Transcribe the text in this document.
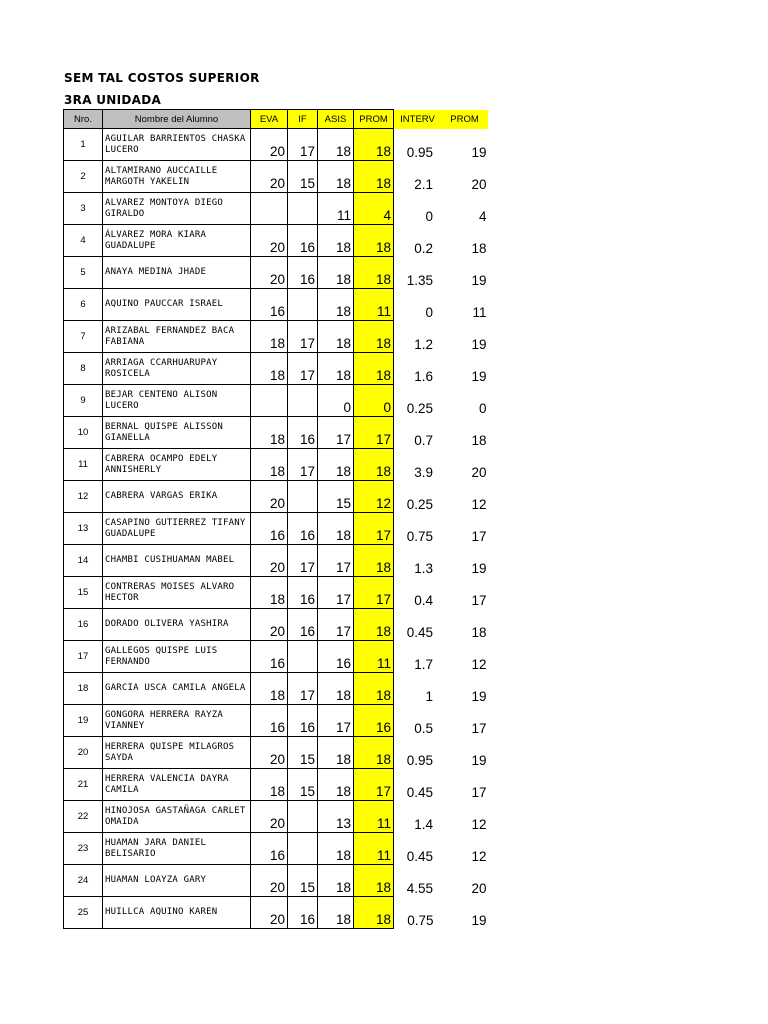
SEM TAL COSTOS SUPERIOR
3RA UNIDADA
Nro.	Nombre del Alumno	EVA	IF	ASIS	PROM	INTERV	PROM
1	AGUILAR BARRIENTOS CHASKA LUCERO	20	17	18	18	0.95	19
2	ALTAMIRANO AUCCAILLE MARGOTH YAKELIN	20	15	18	18	2.1	20
3	ALVAREZ MONTOYA DIEGO GIRALDO			11	4	0	4
4	ÁLVAREZ MORA KIARA GUADALUPE	20	16	18	18	0.2	18
5	ANAYA MEDINA JHADE	20	16	18	18	1.35	19
6	AQUINO PAUCCAR ISRAEL	16		18	11	0	11
7	ARIZABAL FERNANDEZ BACA FABIANA	18	17	18	18	1.2	19
8	ARRIAGA CCARHUARUPAY ROSICELA	18	17	18	18	1.6	19
9	BEJAR CENTENO ALISON LUCERO			0	0	0.25	0
10	BERNAL QUISPE ALISSON GIANELLA	18	16	17	17	0.7	18
11	CABRERA OCAMPO EDELY ANNISHERLY	18	17	18	18	3.9	20
12	CABRERA VARGAS ERIKA	20		15	12	0.25	12
13	CASAPINO GUTIERREZ TIFANY GUADALUPE	16	16	18	17	0.75	17
14	CHAMBI CUSIHUAMAN MABEL	20	17	17	18	1.3	19
15	CONTRERAS MOISES ALVARO HECTOR	18	16	17	17	0.4	17
16	DORADO OLIVERA YASHIRA	20	16	17	18	0.45	18
17	GALLEGOS QUISPE LUIS FERNANDO	16		16	11	1.7	12
18	GARCIA USCA CAMILA ANGELA	18	17	18	18	1	19
19	GONGORA HERRERA RAYZA VIANNEY	16	16	17	16	0.5	17
20	HERRERA QUISPE MILAGROS SAYDA	20	15	18	18	0.95	19
21	HERRERA VALENCIA DAYRA CAMILA	18	15	18	17	0.45	17
22	HINOJOSA GASTAÑAGA CARLET OMAIDA	20		13	11	1.4	12
23	HUAMAN JARA DANIEL BELISARIO	16		18	11	0.45	12
24	HUAMAN LOAYZA GARY	20	15	18	18	4.55	20
25	HUILLCA AQUINO KAREN	20	16	18	18	0.75	19
